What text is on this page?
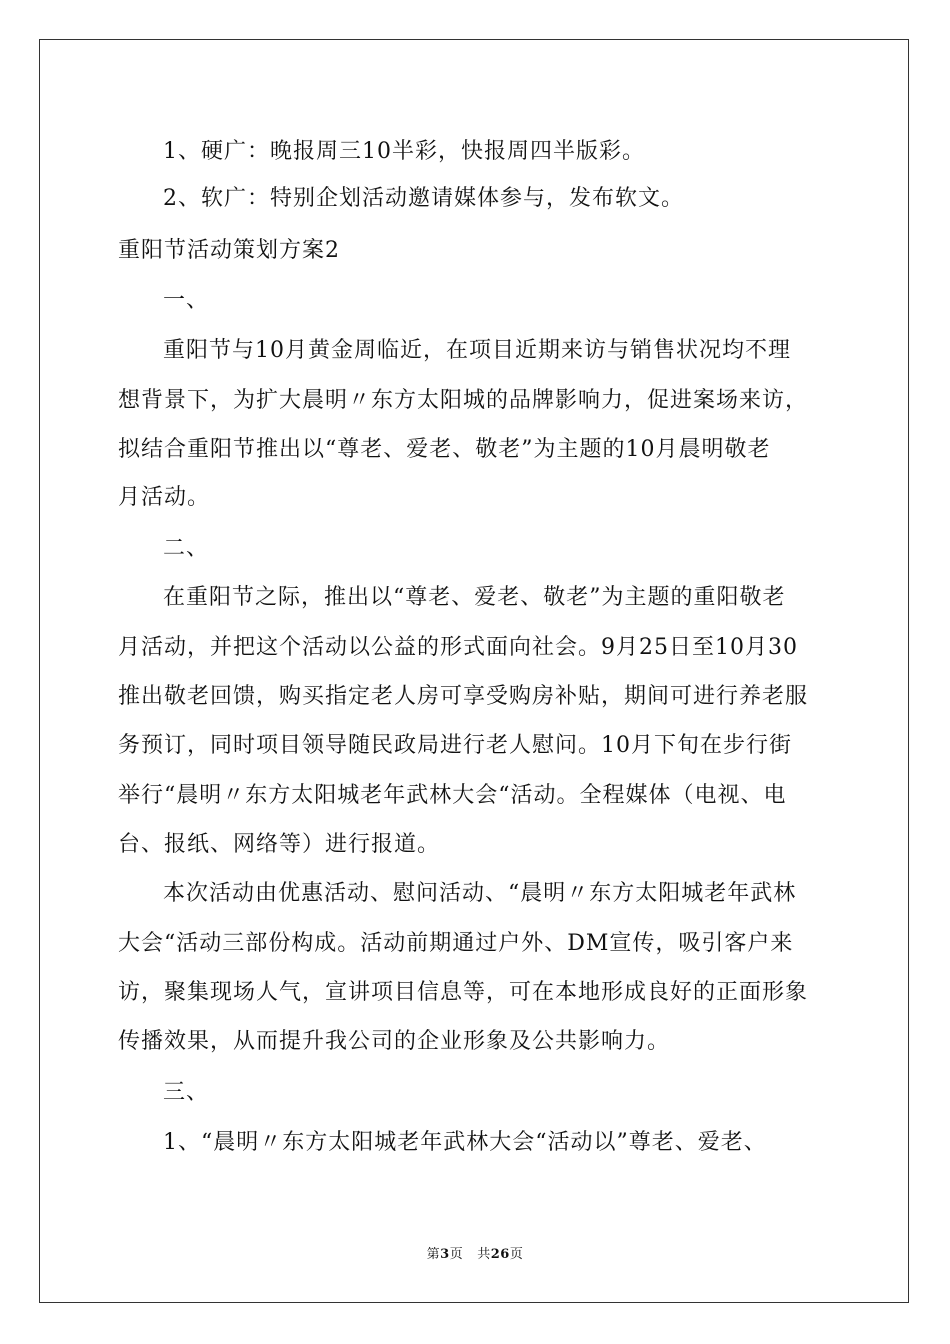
1、硬广：晚报周三10半彩，快报周四半版彩。
2、软广：特别企划活动邀请媒体参与，发布软文。
重阳节活动策划方案2
一、
重阳节与10月黄金周临近，在项目近期来访与销售状况均不理
想背景下，为扩大晨明〃东方太阳城的品牌影响力，促进案场来访，
拟结合重阳节推出以“尊老、爱老、敬老”为主题的10月晨明敬老
月活动。
二、
在重阳节之际，推出以“尊老、爱老、敬老”为主题的重阳敬老
月活动，并把这个活动以公益的形式面向社会。9月25日至10月30
推出敬老回馈，购买指定老人房可享受购房补贴，期间可进行养老服
务预订，同时项目领导随民政局进行老人慰问。10月下旬在步行街
举行“晨明〃东方太阳城老年武林大会“活动。全程媒体（电视、电
台、报纸、网络等）进行报道。
本次活动由优惠活动、慰问活动、“晨明〃东方太阳城老年武林
大会“活动三部份构成。活动前期通过户外、DM宣传，吸引客户来
访，聚集现场人气，宣讲项目信息等，可在本地形成良好的正面形象
传播效果，从而提升我公司的企业形象及公共影响力。
三、
1、“晨明〃东方太阳城老年武林大会“活动以”尊老、爱老、
第3页 共26页
